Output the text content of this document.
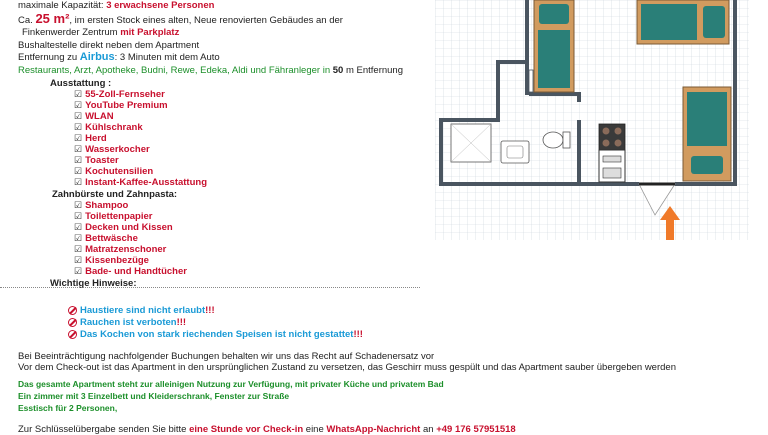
maximale Kapazität: 3 erwachsene Personen
Ca. 25 m², im ersten Stock eines alten, Neue renovierten Gebäudes an der
Finkenwerder Zentrum mit Parkplatz
Bushaltestelle direkt neben dem Apartment
Entfernung zu Airbus: 3 Minuten mit dem Auto
Restaurants, Arzt, Apotheke, Budni, Rewe, Edeka, Aldi und Fähranleger in 50 m Entfernung
Ausstattung :
☑ 55-Zoll-Fernseher
☑ YouTube Premium
☑ WLAN
☑ Kühlschrank
☑ Herd
☑ Wasserkocher
☑ Toaster
☑ Kochutensilien
☑ Instant-Kaffee-Ausstattung
Zahnbürste und Zahnpasta:
☑ Shampoo
☑ Toilettenpapier
☑ Decken und Kissen
☑ Bettwäsche
☑ Matratzenschoner
☑ Kissenbezüge
☑ Bade- und Handtücher
Wichtige Hinweise:
Haustiere sind nicht erlaubt!!!
Rauchen ist verboten!!!
Das Kochen von stark riechenden Speisen ist nicht gestattet!!!
Bei Beeinträchtigung nachfolgender Buchungen behalten wir uns das Recht auf Schadenersatz vor
Vor dem Check-out ist das Apartment in den ursprünglichen Zustand zu versetzen, das Geschirr muss gespült und das Apartment sauber übergeben werden
Das gesamte Apartment steht zur alleinigen Nutzung zur Verfügung, mit privater Küche und privatem Bad
Ein zimmer mit 3 Einzelbett und Kleiderschrank, Fenster zur Straße
Esstisch für 2 Personen,
Zur Schlüsselübergabe senden Sie bitte eine Stunde vor Check-in eine WhatsApp-Nachricht an +49 176 57951518
